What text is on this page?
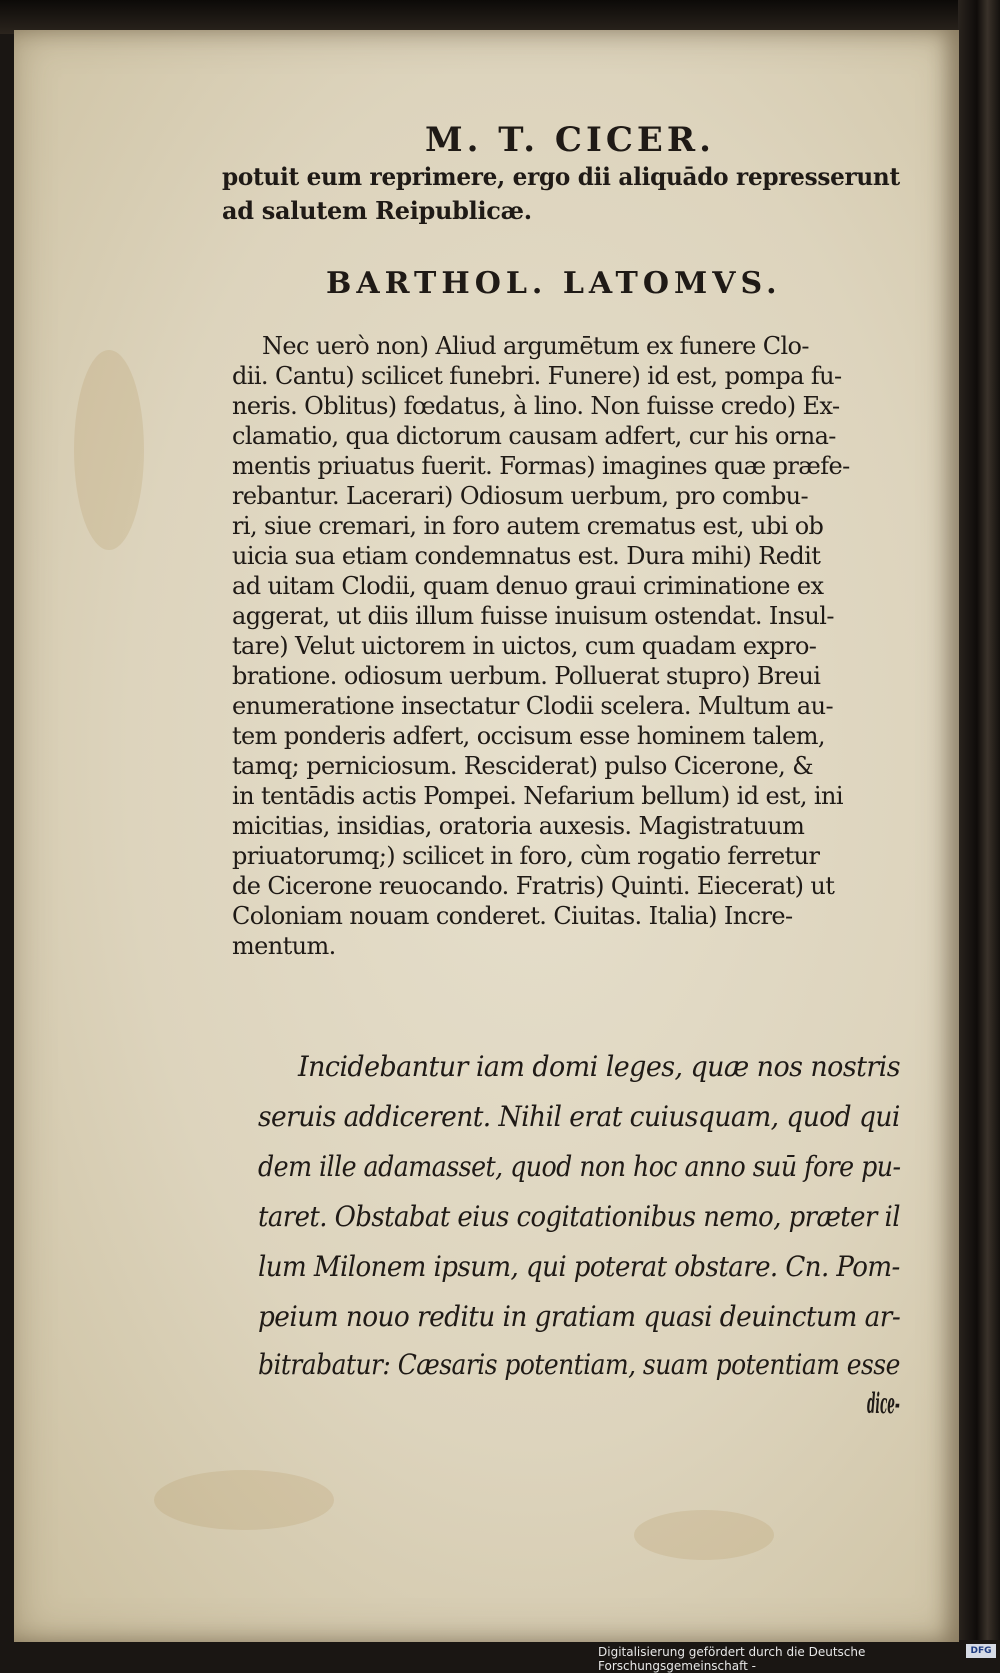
M. T. CICER.
potuit eum reprimere, ergo dii aliquādo represserunt
ad salutem Reipublicæ.
BARTHOL. LATOMVS.
Nec uerò non) Aliud argumētum ex funere Clo-
dii. Cantu) scilicet funebri. Funere) id est, pompa fu-
neris. Oblitus) fœdatus, à lino. Non fuisse credo) Ex-
clamatio, qua dictorum causam adfert, cur his orna-
mentis priuatus fuerit. Formas) imagines quæ præfe-
rebantur. Lacerari) Odiosum uerbum, pro combu-
ri, siue cremari, in foro autem crematus est, ubi ob
uicia sua etiam condemnatus est. Dura mihi) Redit
ad uitam Clodii, quam denuo graui criminatione ex
aggerat, ut diis illum fuisse inuisum ostendat. Insul-
tare) Velut uictorem in uictos, cum quadam expro-
bratione. odiosum uerbum. Polluerat stupro) Breui
enumeratione insectatur Clodii scelera. Multum au-
tem ponderis adfert, occisum esse hominem talem,
tamq; perniciosum. Resciderat) pulso Cicerone, &
in tentādis actis Pompei. Nefarium bellum) id est, ini
micitias, insidias, oratoria auxesis. Magistratuum
priuatorumq;) scilicet in foro, cùm rogatio ferretur
de Cicerone reuocando. Fratris) Quinti. Eiecerat) ut
Coloniam nouam conderet. Ciuitas. Italia) Incre-
mentum.
Incidebantur iam domi leges, quæ nos nostris
seruis addicerent. Nihil erat cuiusquam, quod qui
dem ille adamasset, quod non hoc anno suū fore pu-
taret. Obstabat eius cogitationibus nemo, præter il
lum Milonem ipsum, qui poterat obstare. Cn. Pom-
peium nouo reditu in gratiam quasi deuinctum ar-
bitrabatur: Cæsaris potentiam, suam potentiam esse
dice-
Digitalisierung gefördert durch die Deutsche Forschungsgemeinschaft -
DFG
